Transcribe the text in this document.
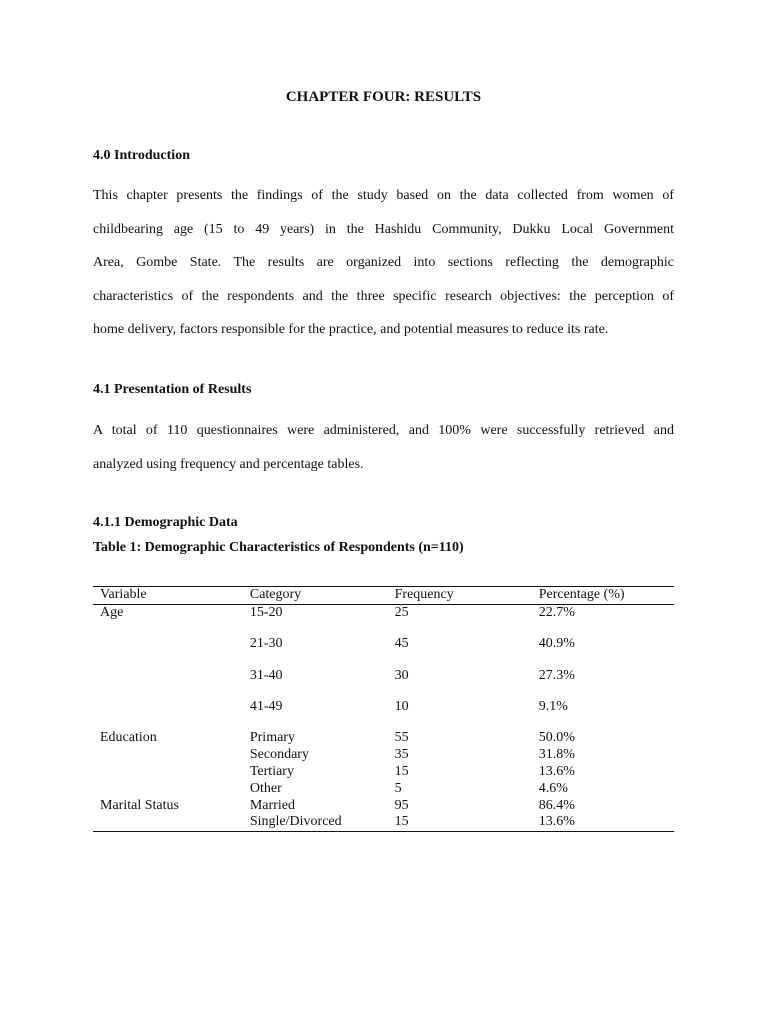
CHAPTER FOUR: RESULTS
4.0 Introduction
This chapter presents the findings of the study based on the data collected from women of
childbearing age (15 to 49 years) in the Hashidu Community, Dukku Local Government
Area, Gombe State. The results are organized into sections reflecting the demographic
characteristics of the respondents and the three specific research objectives: the perception of
home delivery, factors responsible for the practice, and potential measures to reduce its rate.
4.1 Presentation of Results
A total of 110 questionnaires were administered, and 100% were successfully retrieved and
analyzed using frequency and percentage tables.
4.1.1 Demographic Data
Table 1: Demographic Characteristics of Respondents (n=110)
Variable	Category	Frequency	Percentage (%)
Age	15-20	25	22.7%

	21-30	45	40.9%

	31-40	30	27.3%

	41-49	10	9.1%

Education	Primary	55	50.0%
	Secondary	35	31.8%
	Tertiary	15	13.6%
	Other	5	4.6%
Marital Status	Married	95	86.4%
	Single/Divorced	15	13.6%
